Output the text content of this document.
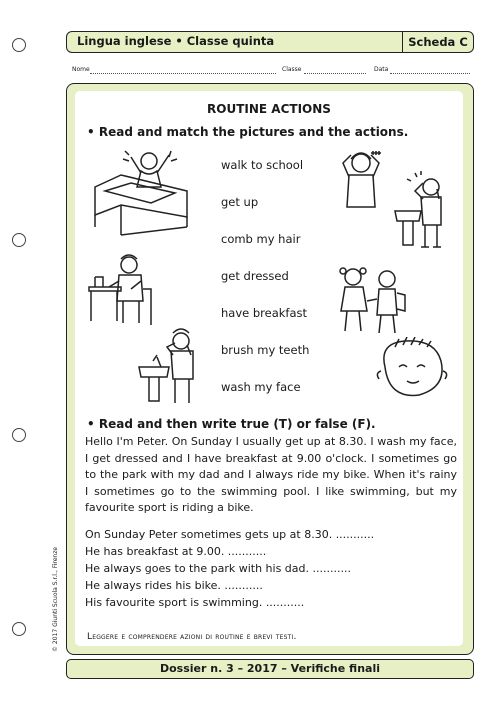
Lingua inglese • Classe quinta	Scheda C
Nome	Classe	Data
ROUTINE ACTIONS
• Read and match the pictures and the actions.
walk to school
get up
comb my hair
get dressed
have breakfast
brush my teeth
wash my face
• Read and then write true (T) or false (F).
Hello I'm Peter. On Sunday I usually get up at 8.30. I wash my face, I get dressed and I have breakfast at 9.00 o'clock. I sometimes go to the park with my dad and I always ride my bike. When it's rainy I sometimes go to the swimming pool. I like swimming, but my favourite sport is riding a bike.
On Sunday Peter sometimes gets up at 8.30. ...........
He has breakfast at 9.00. ...........
He always goes to the park with his dad. ...........
He always rides his bike. ...........
His favourite sport is swimming. ...........
Leggere e comprendere azioni di routine e brevi testi.
© 2017 Giunti Scuola S.r.l., Firenze
Dossier n. 3 – 2017 – Verifiche finali
